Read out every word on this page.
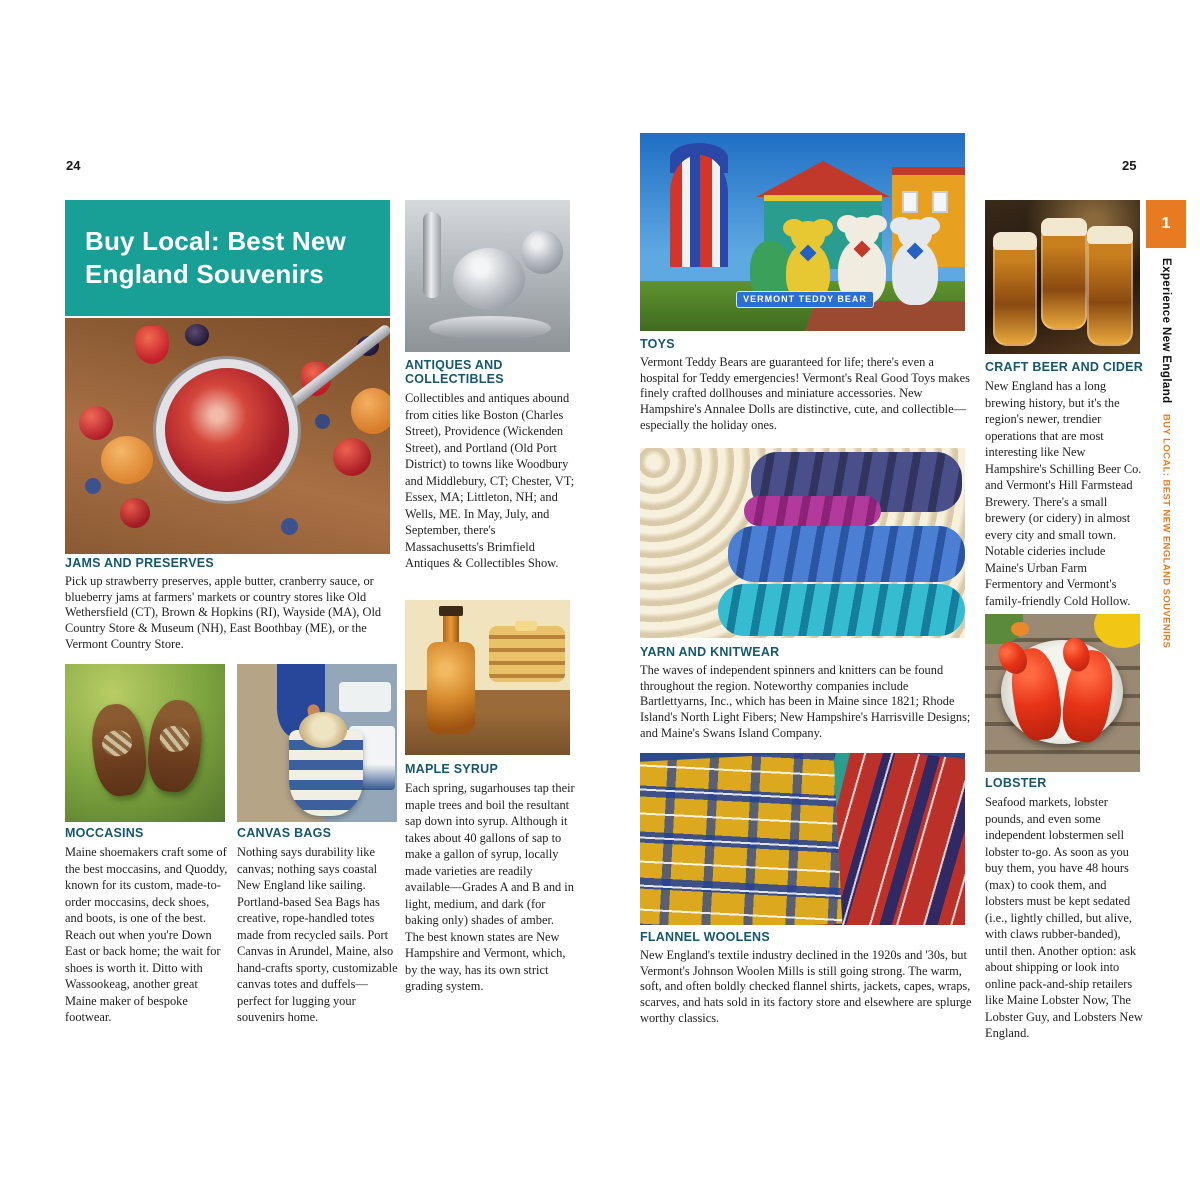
24	25
Buy Local: Best New England Souvenirs
JAMS AND PRESERVES

Pick up strawberry preserves, apple butter, cranberry sauce, or blueberry jams at farmers' markets or country stores like Old Wethersfield (CT), Brown & Hopkins (RI), Wayside (MA), Old Country Store & Museum (NH), East Boothbay (ME), or the Vermont Country Store.

MOCCASINS

Maine shoemakers craft some of the best moccasins, and Quoddy, known for its custom, made-to-order moccasins, deck shoes, and boots, is one of the best. Reach out when you're Down East or back home; the wait for shoes is worth it. Ditto with Wassookeag, another great Maine maker of bespoke footwear.

CANVAS BAGS

Nothing says durability like canvas; nothing says coastal New England like sailing. Portland-based Sea Bags has creative, rope-handled totes made from recycled sails. Port Canvas in Arundel, Maine, also hand-crafts sporty, customizable canvas totes and duffels—perfect for lugging your souvenirs home.

ANTIQUES AND COLLECTIBLES

Collectibles and antiques abound from cities like Boston (Charles Street), Providence (Wickenden Street), and Portland (Old Port District) to towns like Woodbury and Middlebury, CT; Chester, VT; Essex, MA; Littleton, NH; and Wells, ME. In May, July, and September, there's Massachusetts's Brimfield Antiques & Collectibles Show.

MAPLE SYRUP

Each spring, sugarhouses tap their maple trees and boil the resultant sap down into syrup. Although it takes about 40 gallons of sap to make a gallon of syrup, locally made varieties are readily available—Grades A and B and in light, medium, and dark (for baking only) shades of amber. The best known states are New Hampshire and Vermont, which, by the way, has its own strict grading system.

VERMONT TEDDY BEAR
TOYS

Vermont Teddy Bears are guaranteed for life; there's even a hospital for Teddy emergencies! Vermont's Real Good Toys makes finely crafted dollhouses and miniature accessories. New Hampshire's Annalee Dolls are distinctive, cute, and collectible—especially the holiday ones.

YARN AND KNITWEAR

The waves of independent spinners and knitters can be found throughout the region. Noteworthy companies include Bartlettyarns, Inc., which has been in Maine since 1821; Rhode Island's North Light Fibers; New Hampshire's Harrisville Designs; and Maine's Swans Island Company.

FLANNEL WOOLENS

New England's textile industry declined in the 1920s and '30s, but Vermont's Johnson Woolen Mills is still going strong. The warm, soft, and often boldly checked flannel shirts, jackets, capes, wraps, scarves, and hats sold in its factory store and elsewhere are splurge worthy classics.

CRAFT BEER AND CIDER

New England has a long brewing history, but it's the region's newer, trendier operations that are most interesting like New Hampshire's Schilling Beer Co. and Vermont's Hill Farmstead Brewery. There's a small brewery (or cidery) in almost every city and small town. Notable cideries include Maine's Urban Farm Fermentory and Vermont's family-friendly Cold Hollow.

LOBSTER

Seafood markets, lobster pounds, and even some independent lobstermen sell lobster to-go. As soon as you buy them, you have 48 hours (max) to cook them, and lobsters must be kept sedated (i.e., lightly chilled, but alive, with claws rubber-banded), until then. Another option: ask about shipping or look into online pack-and-ship retailers like Maine Lobster Now, The Lobster Guy, and Lobsters New England.

1
Experience New England
BUY LOCAL: BEST NEW ENGLAND SOUVENIRS
